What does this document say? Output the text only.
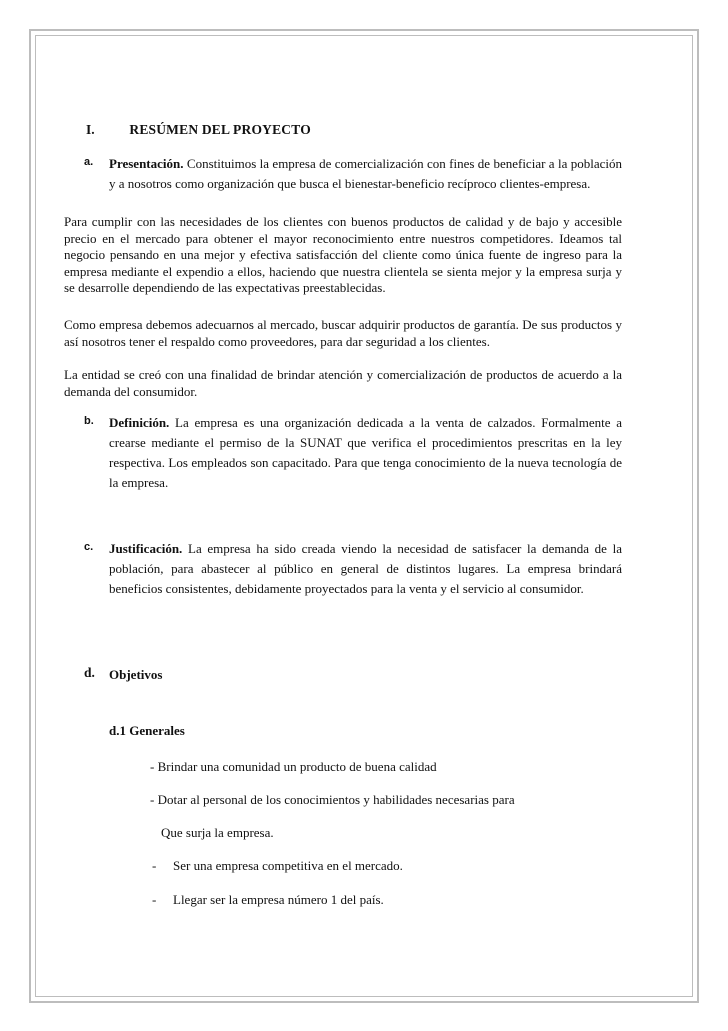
I.	RESÚMEN DEL PROYECTO
a.	Presentación. Constituimos la empresa de comercialización con fines de beneficiar a la población y a nosotros como organización que busca el bienestar-beneficio recíproco clientes-empresa.
Para cumplir con las necesidades de los clientes con buenos productos de calidad y de bajo y accesible precio en el mercado para obtener el mayor reconocimiento entre nuestros competidores. Ideamos tal negocio pensando en una mejor y efectiva satisfacción del cliente como única fuente de ingreso para la empresa mediante el expendio a ellos, haciendo que nuestra clientela se sienta mejor y la empresa surja y se desarrolle dependiendo de las expectativas preestablecidas.
Como empresa debemos adecuarnos al mercado, buscar adquirir productos de garantía. De sus productos y así nosotros tener el respaldo como proveedores, para dar seguridad a los clientes.
La entidad se creó con una finalidad de brindar atención y comercialización de productos de acuerdo a la demanda del consumidor.
b.	Definición. La empresa es una organización dedicada a la venta de calzados. Formalmente a crearse mediante el permiso de la SUNAT que verifica el procedimientos prescritas en la ley respectiva. Los empleados son capacitado. Para que tenga conocimiento de la nueva tecnología de la empresa.
c.	Justificación. La empresa ha sido creada viendo la necesidad de satisfacer la demanda de la población, para abastecer al público en general de distintos lugares. La empresa brindará beneficios consistentes, debidamente proyectados para la venta y el servicio al consumidor.
d.	Objetivos
d.1 Generales
- Brindar una comunidad un producto de buena calidad
- Dotar al personal de los conocimientos y habilidades necesarias para
Que surja la empresa.
- Ser una empresa competitiva en el mercado.
- Llegar ser la empresa número 1 del país.
